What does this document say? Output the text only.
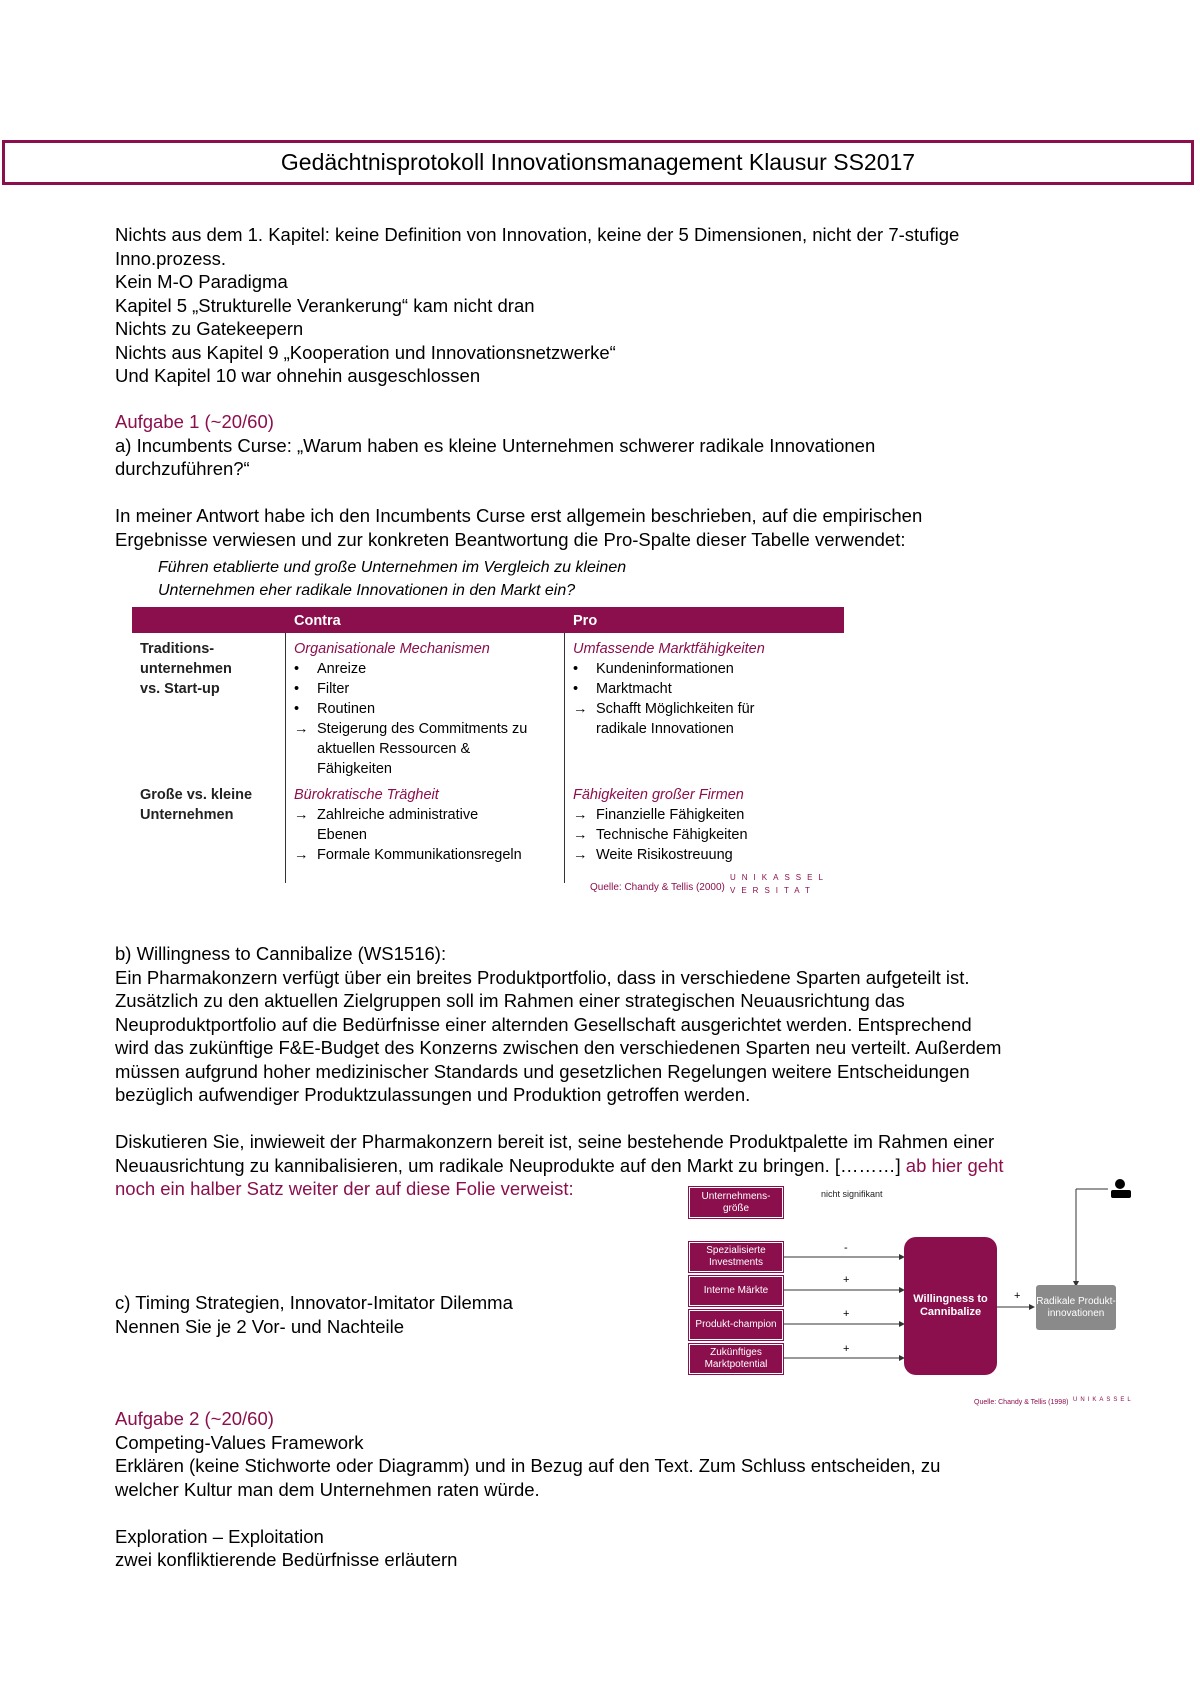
Gedächtnisprotokoll Innovationsmanagement Klausur SS2017
Nichts aus dem 1. Kapitel: keine Definition von Innovation, keine der 5 Dimensionen, nicht der 7-stufige
Inno.prozess.
Kein M-O Paradigma
Kapitel 5 „Strukturelle Verankerung“ kam nicht dran
Nichts zu Gatekeepern
Nichts aus Kapitel 9 „Kooperation und Innovationsnetzwerke“
Und Kapitel 10 war ohnehin ausgeschlossen
Aufgabe 1 (~20/60)
a) Incumbents Curse: „Warum haben es kleine Unternehmen schwerer radikale Innovationen
durchzuführen?“
In meiner Antwort habe ich den Incumbents Curse erst allgemein beschrieben, auf die empirischen
Ergebnisse verwiesen und zur konkreten Beantwortung die Pro-Spalte dieser Tabelle verwendet:
Führen etablierte und große Unternehmen im Vergleich zu kleinen
Unternehmen eher radikale Innovationen in den Markt ein?
Contra	Pro
Traditions-
unternehmen
vs. Start-up
Organisationale Mechanismen
• Anreize
• Filter
• Routinen
→ Steigerung des Commitments zu
aktuellen Ressourcen &
Fähigkeiten
Umfassende Marktfähigkeiten
• Kundeninformationen
• Marktmacht
→ Schafft Möglichkeiten für
radikale Innovationen
Große vs. kleine
Unternehmen
Bürokratische Trägheit
→ Zahlreiche administrative
Ebenen
→ Formale Kommunikationsregeln
Fähigkeiten großer Firmen
→ Finanzielle Fähigkeiten
→ Technische Fähigkeiten
→ Weite Risikostreuung
UNIKASSEL
VERSITAT
Quelle: Chandy & Tellis (2000)
b) Willingness to Cannibalize (WS1516):
Ein Pharmakonzern verfügt über ein breites Produktportfolio, dass in verschiedene Sparten aufgeteilt ist.
Zusätzlich zu den aktuellen Zielgruppen soll im Rahmen einer strategischen Neuausrichtung das
Neuproduktportfolio auf die Bedürfnisse einer alternden Gesellschaft ausgerichtet werden. Entsprechend
wird das zukünftige F&E-Budget des Konzerns zwischen den verschiedenen Sparten neu verteilt. Außerdem
müssen aufgrund hoher medizinischer Standards und gesetzlichen Regelungen weitere Entscheidungen
bezüglich aufwendiger Produktzulassungen und Produktion getroffen werden.
Diskutieren Sie, inwieweit der Pharmakonzern bereit ist, seine bestehende Produktpalette im Rahmen einer
Neuausrichtung zu kannibalisieren, um radikale Neuprodukte auf den Markt zu bringen. [………] ab hier geht
noch ein halber Satz weiter der auf diese Folie verweist:	Unternehmens-größe
nicht signifikant
Spezialisierte Investments
Interne Märkte
Produkt-champion
Zukünftiges Marktpotential
-
+
+
+
+
Willingness to Cannibalize
Radikale Produkt-innovationen
Quelle: Chandy & Tellis (1998) UNIKASSEL
c) Timing Strategien, Innovator-Imitator Dilemma
Nennen Sie je 2 Vor- und Nachteile
Aufgabe 2 (~20/60)
Competing-Values Framework
Erklären (keine Stichworte oder Diagramm) und in Bezug auf den Text. Zum Schluss entscheiden, zu
welcher Kultur man dem Unternehmen raten würde.
Exploration – Exploitation
zwei konfliktierende Bedürfnisse erläutern
